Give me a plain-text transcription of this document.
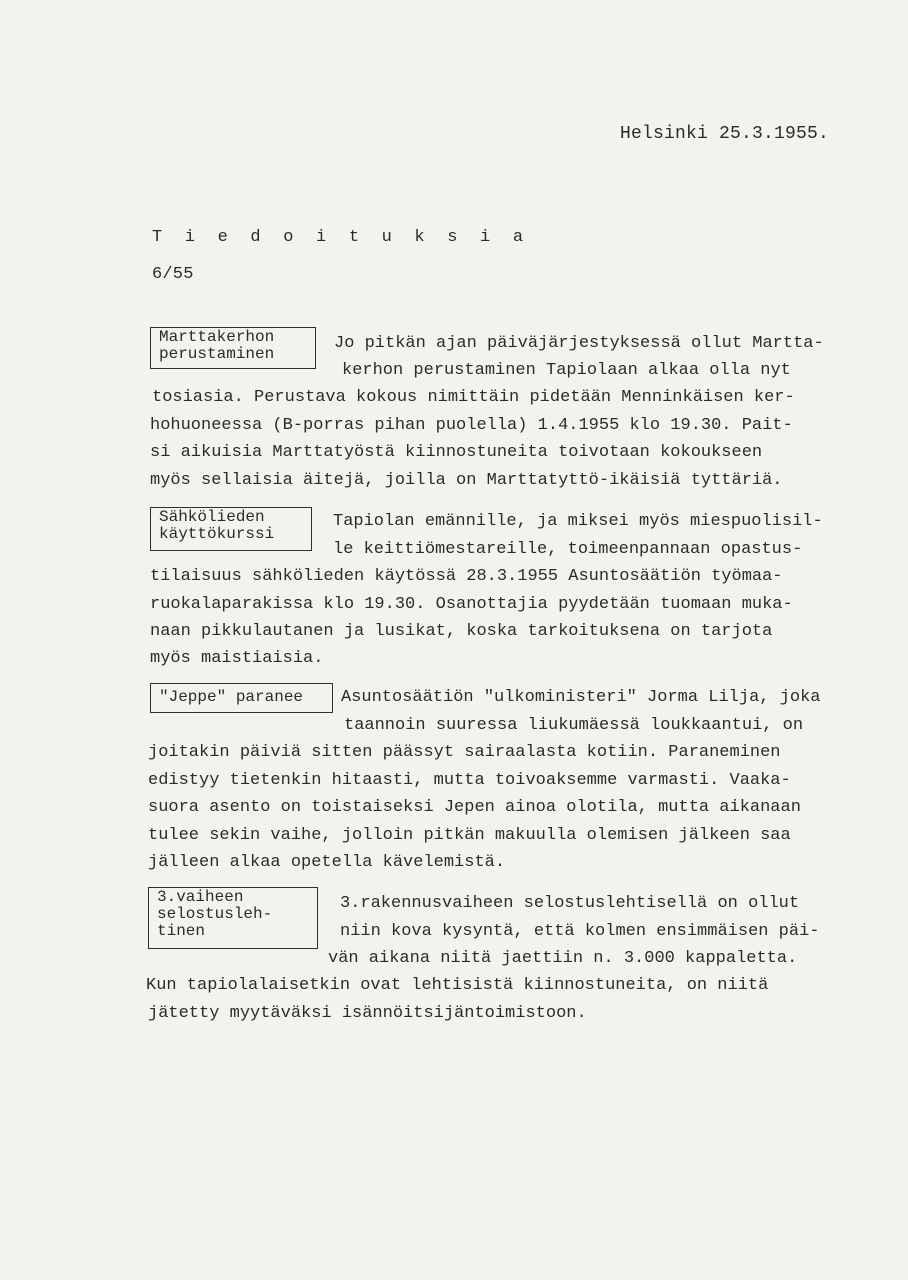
Helsinki 25.3.1955.
T i e d o i t u k s i a
6/55
Marttakerhon
perustaminen
Jo pitkän ajan päiväjärjestyksessä ollut Martta-
kerhon perustaminen Tapiolaan alkaa olla nyt
tosiasia. Perustava kokous nimittäin pidetään Menninkäisen ker-
hohuoneessa (B-porras pihan puolella) 1.4.1955 klo 19.30. Pait-
si aikuisia Marttatyöstä kiinnostuneita toivotaan kokoukseen
myös sellaisia äitejä, joilla on Marttatyttö-ikäisiä tyttäriä.
Sähkölieden
käyttökurssi
Tapiolan emännille, ja miksei myös miespuolisil-
le keittiömestareille, toimeenpannaan opastus-
tilaisuus sähkölieden käytössä 28.3.1955 Asuntosäätiön työmaa-
ruokalaparakissa klo 19.30. Osanottajia pyydetään tuomaan muka-
naan pikkulautanen ja lusikat, koska tarkoituksena on tarjota
myös maistiaisia.
"Jeppe" paranee	Asuntosäätiön "ulkoministeri" Jorma Lilja, joka
taannoin suuressa liukumäessä loukkaantui, on
joitakin päiviä sitten päässyt sairaalasta kotiin. Paraneminen
edistyy tietenkin hitaasti, mutta toivoaksemme varmasti. Vaaka-
suora asento on toistaiseksi Jepen ainoa olotila, mutta aikanaan
tulee sekin vaihe, jolloin pitkän makuulla olemisen jälkeen saa
jälleen alkaa opetella kävelemistä.
3.vaiheen
selostusleh-
tinen
3.rakennusvaiheen selostuslehtisellä on ollut
niin kova kysyntä, että kolmen ensimmäisen päi-
vän aikana niitä jaettiin n. 3.000 kappaletta.
Kun tapiolalaisetkin ovat lehtisistä kiinnostuneita, on niitä
jätetty myytäväksi isännöitsijäntoimistoon.
